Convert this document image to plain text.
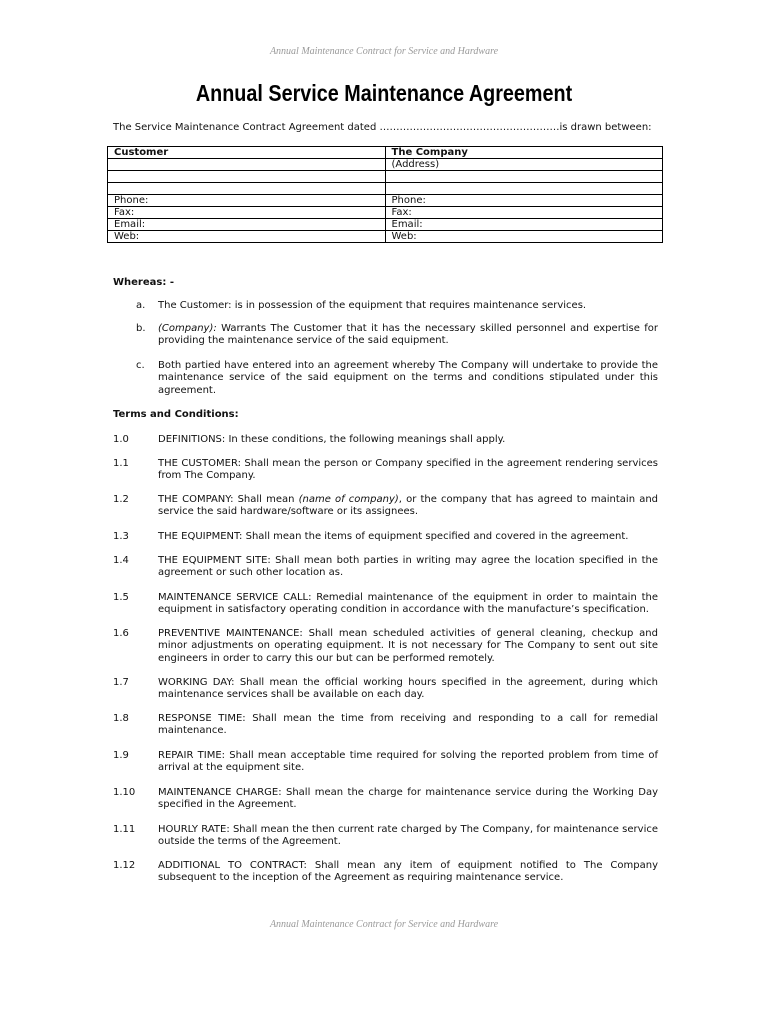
Annual Maintenance Contract for Service and Hardware
Annual Service Maintenance Agreement
The Service Maintenance Contract Agreement dated ………………………………………………is drawn between:
Customer	The Company
	(Address)

Phone:	Phone:
Fax:	Fax:
Email:	Email:
Web:	Web:
Whereas: -
a.	The Customer: is in possession of the equipment that requires maintenance services.
b.	(Company): Warrants The Customer that it has the necessary skilled personnel and expertise for providing the maintenance service of the said equipment.
c.	Both partied have entered into an agreement whereby The Company will undertake to provide the maintenance service of the said equipment on the terms and conditions stipulated under this agreement.
Terms and Conditions:
1.0	DEFINITIONS: In these conditions, the following meanings shall apply.
1.1	THE CUSTOMER: Shall mean the person or Company specified in the agreement rendering services from The Company.
1.2	THE COMPANY: Shall mean (name of company), or the company that has agreed to maintain and service the said hardware/software or its assignees.
1.3	THE EQUIPMENT: Shall mean the items of equipment specified and covered in the agreement.
1.4	THE EQUIPMENT SITE: Shall mean both parties in writing may agree the location specified in the agreement or such other location as.
1.5	MAINTENANCE SERVICE CALL: Remedial maintenance of the equipment in order to maintain the equipment in satisfactory operating condition in accordance with the manufacture’s specification.
1.6	PREVENTIVE MAINTENANCE: Shall mean scheduled activities of general cleaning, checkup and minor adjustments on operating equipment. It is not necessary for The Company to sent out site engineers in order to carry this our but can be performed remotely.
1.7	WORKING DAY: Shall mean the official working hours specified in the agreement, during which maintenance services shall be available on each day.
1.8	RESPONSE TIME: Shall mean the time from receiving and responding to a call for remedial maintenance.
1.9	REPAIR TIME: Shall mean acceptable time required for solving the reported problem from time of arrival at the equipment site.
1.10	MAINTENANCE CHARGE: Shall mean the charge for maintenance service during the Working Day specified in the Agreement.
1.11	HOURLY RATE: Shall mean the then current rate charged by The Company, for maintenance service outside the terms of the Agreement.
1.12	ADDITIONAL TO CONTRACT: Shall mean any item of equipment notified to The Company subsequent to the inception of the Agreement as requiring maintenance service.
Annual Maintenance Contract for Service and Hardware
